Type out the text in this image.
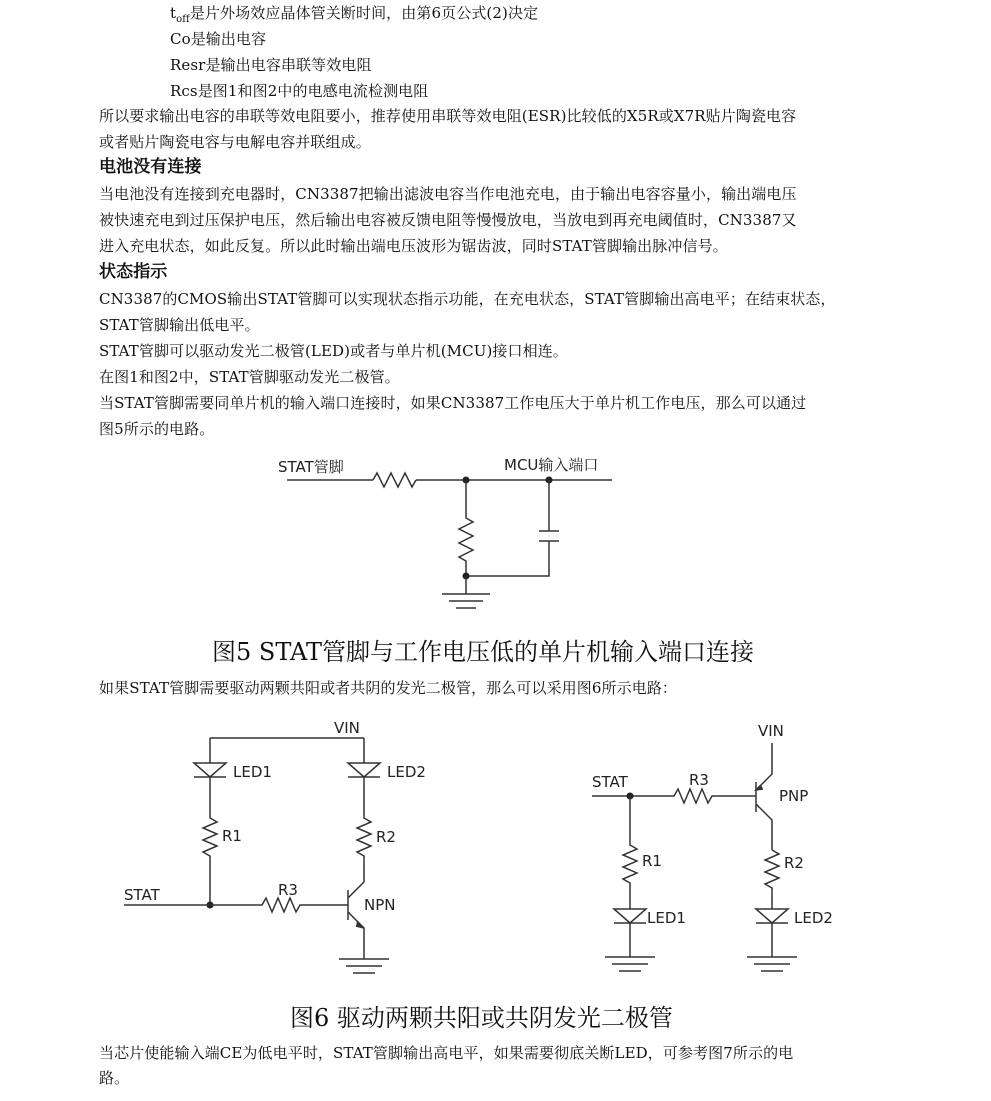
$t_{off}$是片外场效应晶体管关断时间，由第6页公式(2)决定
Co是输出电容
Resr是输出电容串联等效电阻
Rcs是图1和图2中的电感电流检测电阻
所以要求输出电容的串联等效电阻要小，推荐使用串联等效电阻(ESR)比较低的X5R或X7R贴片陶瓷电容
或者贴片陶瓷电容与电解电容并联组成。
电池没有连接
当电池没有连接到充电器时，CN3387把输出滤波电容当作电池充电，由于输出电容容量小，输出端电压
被快速充电到过压保护电压，然后输出电容被反馈电阻等慢慢放电，当放电到再充电阈值时，CN3387又
进入充电状态，如此反复。所以此时输出端电压波形为锯齿波，同时STAT管脚输出脉冲信号。
状态指示
CN3387的CMOS输出STAT管脚可以实现状态指示功能，在充电状态，STAT管脚输出高电平；在结束状态，
STAT管脚输出低电平。
STAT管脚可以驱动发光二极管(LED)或者与单片机(MCU)接口相连。
在图1和图2中，STAT管脚驱动发光二极管。
当STAT管脚需要同单片机的输入端口连接时，如果CN3387工作电压大于单片机工作电压，那么可以通过
图5所示的电路。
STAT管脚	MCU输入端口
VIN
LED1
R1
LED2
R2
NPN
STAT	R3
VIN
PNP
STAT	R3
R1
LED1
R2
LED2
图5 STAT管脚与工作电压低的单片机输入端口连接
如果STAT管脚需要驱动两颗共阳或者共阴的发光二极管，那么可以采用图6所示电路：
图6 驱动两颗共阳或共阴发光二极管
当芯片使能输入端CE为低电平时，STAT管脚输出高电平，如果需要彻底关断LED，可参考图7所示的电
路。
